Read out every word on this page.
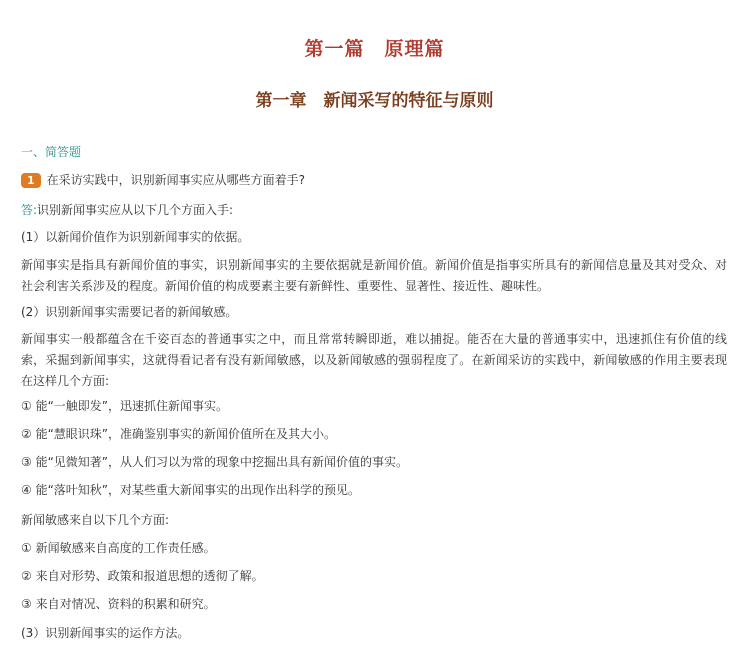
第一篇　原理篇
第一章　新闻采写的特征与原则
一、简答题
1 在采访实践中，识别新闻事实应从哪些方面着手?
答:识别新闻事实应从以下几个方面入手:

(1）以新闻价值作为识别新闻事实的依据。

新闻事实是指具有新闻价值的事实，识别新闻事实的主要依据就是新闻价值。新闻价值是指事实所具有的新闻信息量及其对受众、对社会利害关系涉及的程度。新闻价值的构成要素主要有新鲜性、重要性、显著性、接近性、趣味性。

(2）识别新闻事实需要记者的新闻敏感。

新闻事实一般都蕴含在千姿百态的普通事实之中，而且常常转瞬即逝，难以捕捉。能否在大量的普通事实中，迅速抓住有价值的线索，采掘到新闻事实，这就得看记者有没有新闻敏感，以及新闻敏感的强弱程度了。在新闻采访的实践中，新闻敏感的作用主要表现在这样几个方面:

① 能“一触即发”，迅速抓住新闻事实。

② 能“慧眼识珠”，准确鉴别事实的新闻价值所在及其大小。

③ 能“见微知著”，从人们习以为常的现象中挖掘出具有新闻价值的事实。

④ 能“落叶知秋”，对某些重大新闻事实的出现作出科学的预见。

新闻敏感来自以下几个方面:

① 新闻敏感来自高度的工作责任感。

② 来自对形势、政策和报道思想的透彻了解。

③ 来自对情况、资料的积累和研究。

(3）识别新闻事实的运作方法。
